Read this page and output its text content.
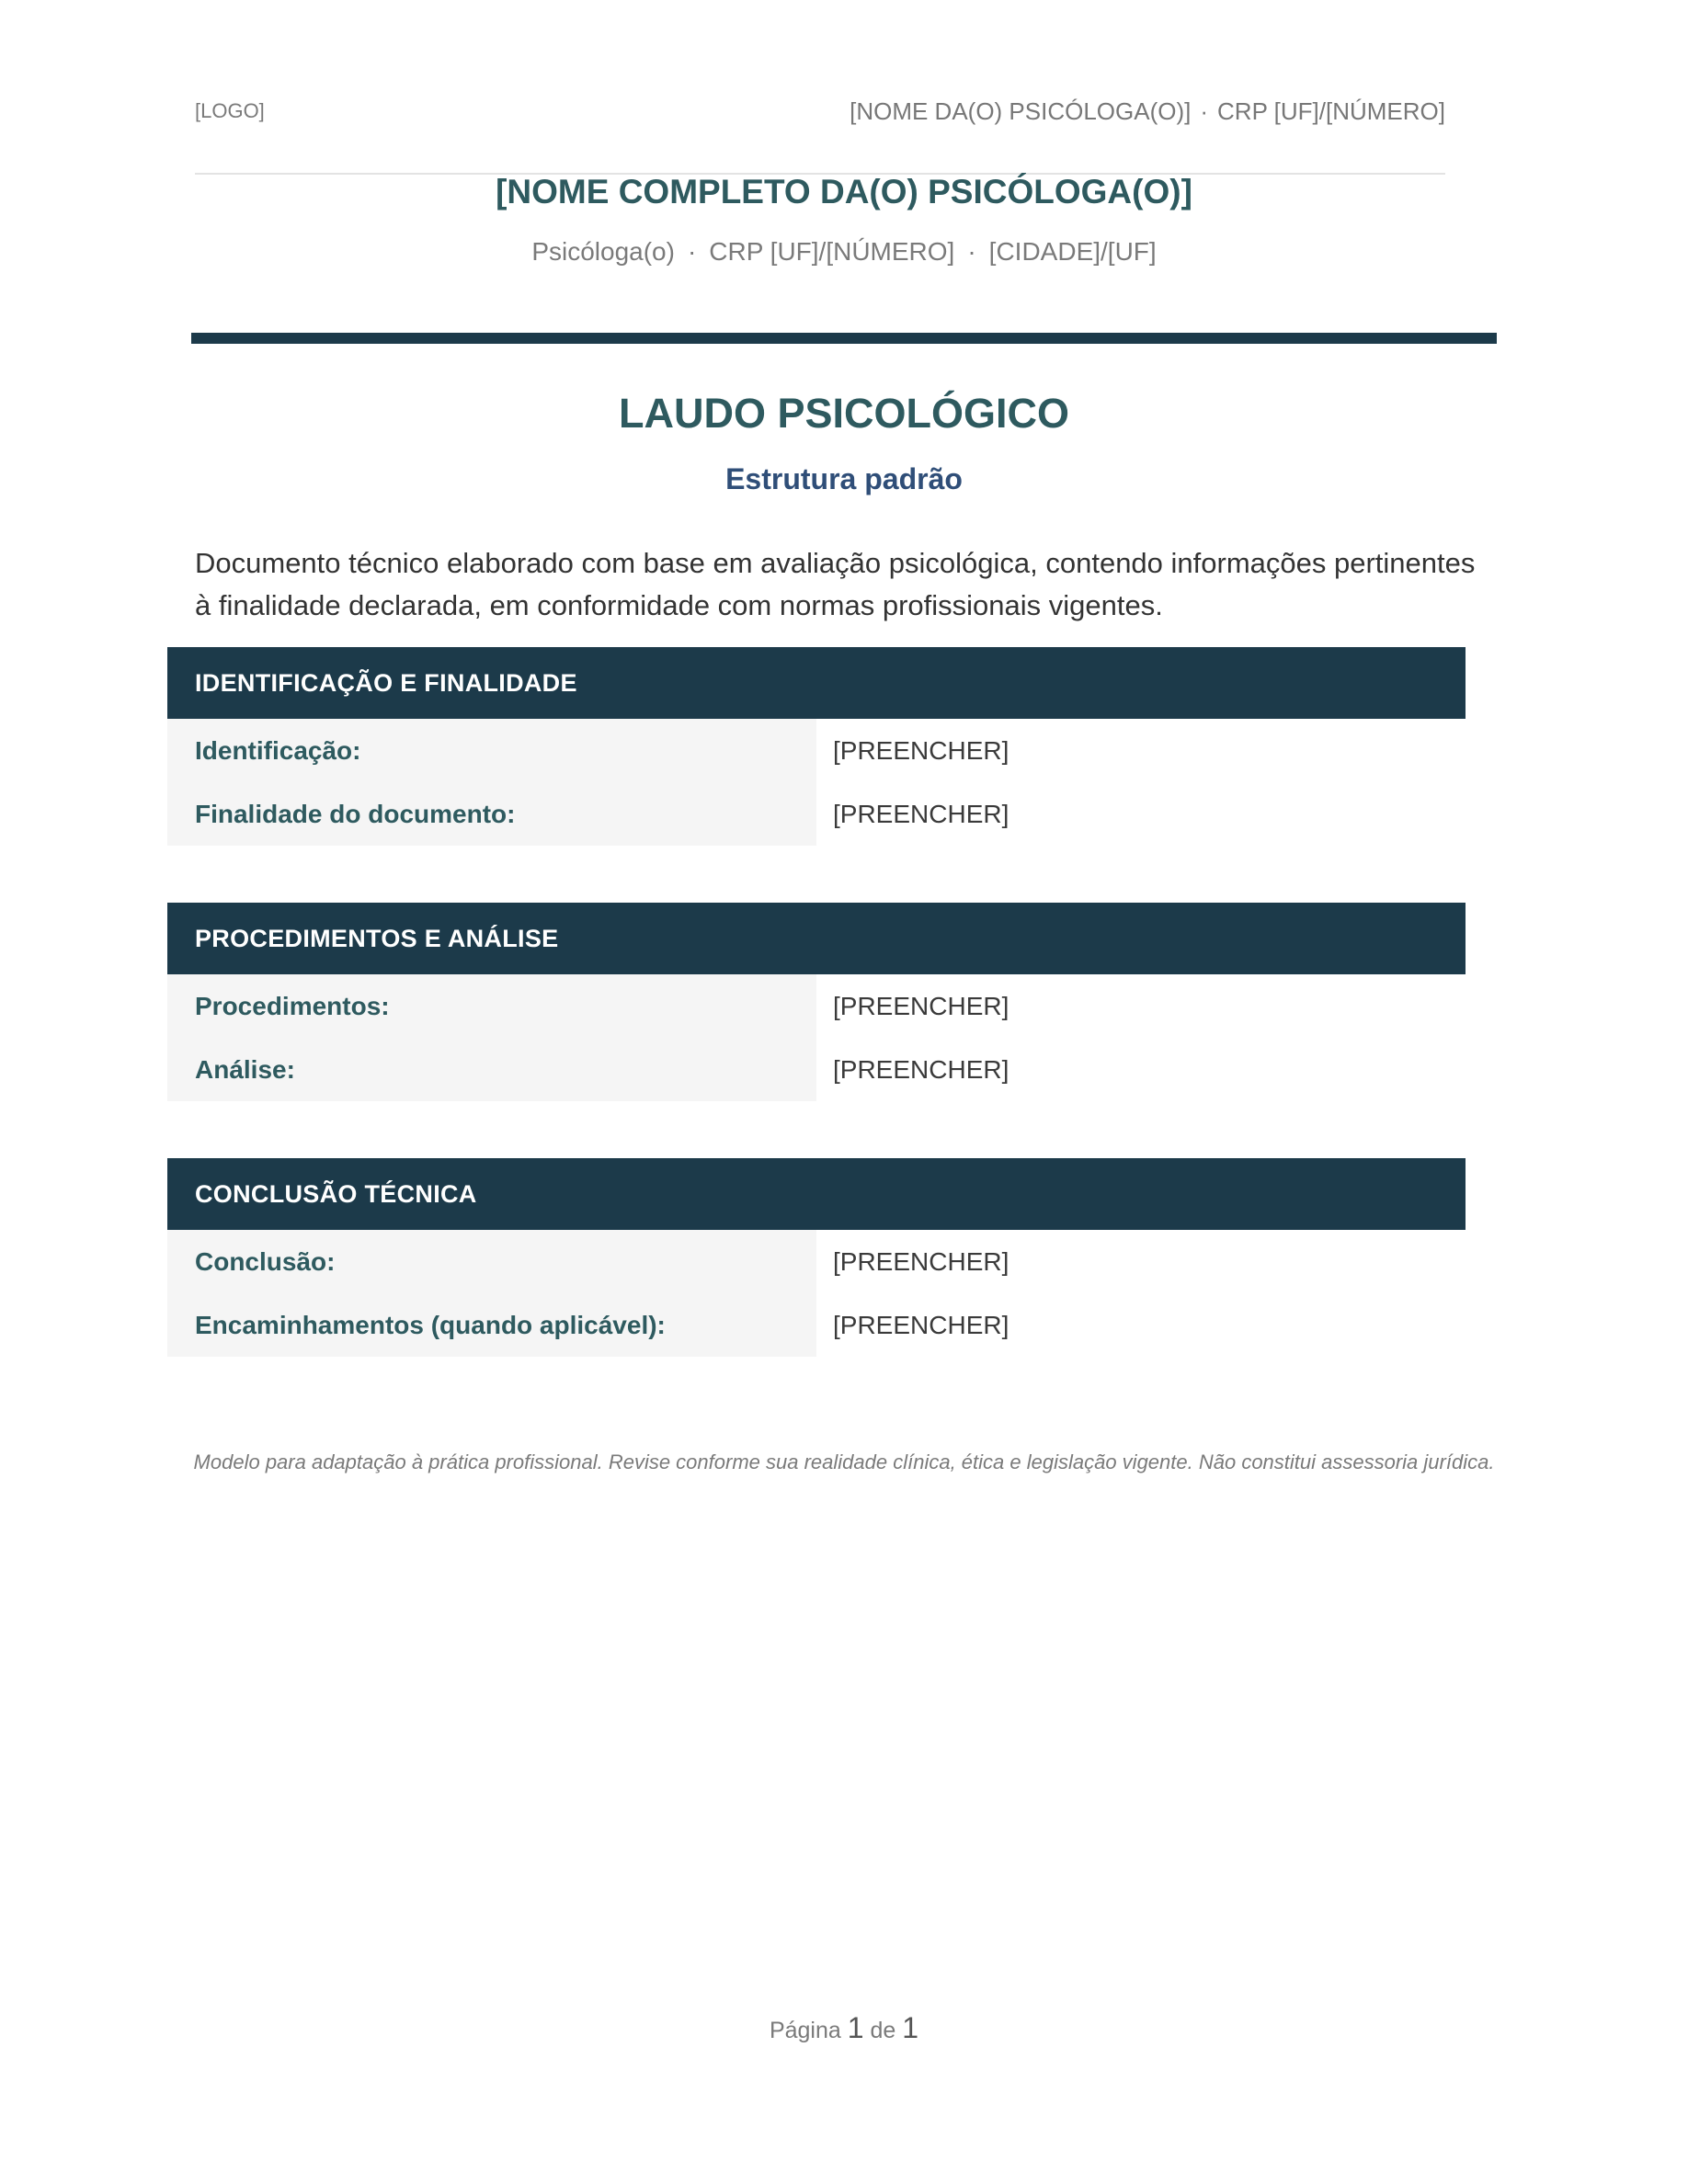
[LOGO]	[NOME DA(O) PSICÓLOGA(O)] · CRP [UF]/[NÚMERO]
[NOME COMPLETO DA(O) PSICÓLOGA(O)]
Psicóloga(o) · CRP [UF]/[NÚMERO] · [CIDADE]/[UF]
LAUDO PSICOLÓGICO
Estrutura padrão
Documento técnico elaborado com base em avaliação psicológica, contendo informações pertinentes à finalidade declarada, em conformidade com normas profissionais vigentes.
IDENTIFICAÇÃO E FINALIDADE
Identificação:	[PREENCHER]
Finalidade do documento:	[PREENCHER]
PROCEDIMENTOS E ANÁLISE
Procedimentos:	[PREENCHER]
Análise:	[PREENCHER]
CONCLUSÃO TÉCNICA
Conclusão:	[PREENCHER]
Encaminhamentos (quando aplicável):	[PREENCHER]
Modelo para adaptação à prática profissional. Revise conforme sua realidade clínica, ética e legislação vigente. Não constitui assessoria jurídica.
Página 1 de 1
